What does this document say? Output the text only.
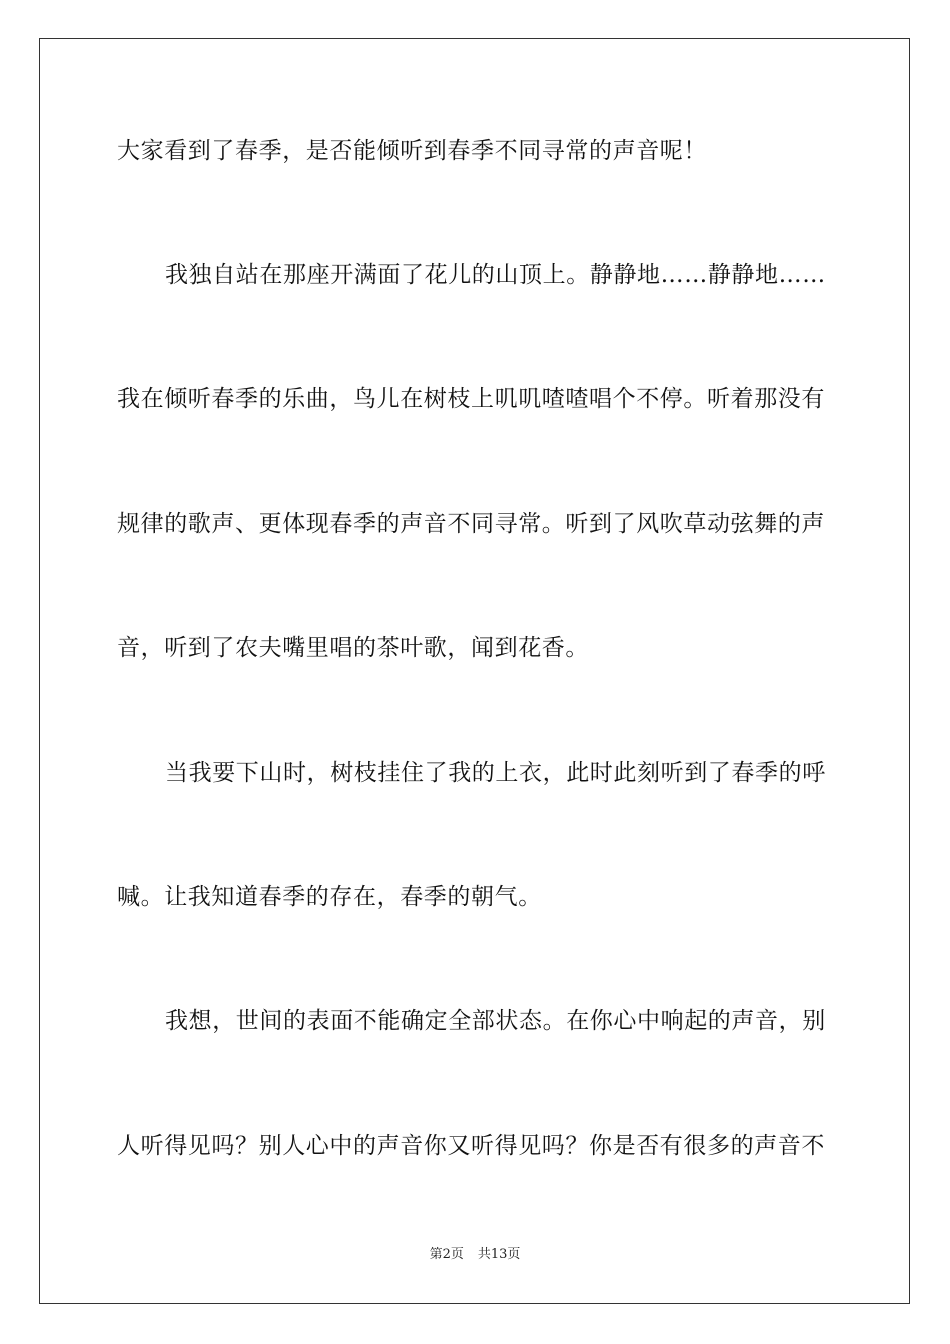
大家看到了春季，是否能倾听到春季不同寻常的声音呢！
我独自站在那座开满面了花儿的山顶上。静静地……静静地……
我在倾听春季的乐曲，鸟儿在树枝上叽叽喳喳唱个不停。听着那没有
规律的歌声、更体现春季的声音不同寻常。听到了风吹草动弦舞的声
音，听到了农夫嘴里唱的茶叶歌，闻到花香。
当我要下山时，树枝挂住了我的上衣，此时此刻听到了春季的呼
喊。让我知道春季的存在，春季的朝气。
我想，世间的表面不能确定全部状态。在你心中响起的声音，别
人听得见吗？别人心中的声音你又听得见吗？你是否有很多的声音不
第2页 共13页
